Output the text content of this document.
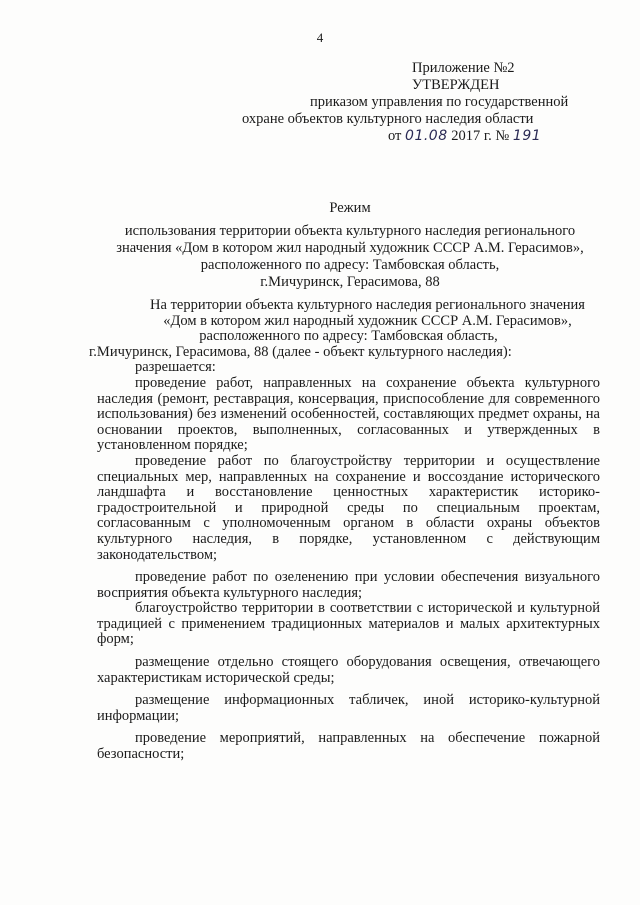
4
Приложение №2
УТВЕРЖДЕН
приказом управления по государственной
охране объектов культурного наследия области
от 01.08 2017 г. № 191
Режим
использования территории объекта культурного наследия регионального
значения «Дом в котором жил народный художник СССР А.М. Герасимов»,
расположенного по адресу: Тамбовская область,
г.Мичуринск, Герасимова, 88
На территории объекта культурного наследия регионального значения
«Дом в котором жил народный художник СССР А.М. Герасимов»,
расположенного по адресу: Тамбовская область,
г.Мичуринск, Герасимова, 88 (далее - объект культурного наследия):
разрешается:

проведение работ, направленных на сохранение объекта культурного наследия (ремонт, реставрация, консервация, приспособление для современного использования) без изменений особенностей, составляющих предмет охраны, на основании проектов, выполненных, согласованных и утвержденных в установленном порядке;

проведение работ по благоустройству территории и осуществление специальных мер, направленных на сохранение и воссоздание исторического ландшафта и восстановление ценностных характеристик историко-градостроительной и природной среды по специальным проектам, согласованным с уполномоченным органом в области охраны объектов культурного наследия, в порядке, установленном с действующим законодательством;

проведение работ по озеленению при условии обеспечения визуального восприятия объекта культурного наследия;

благоустройство территории в соответствии с исторической и культурной традицией с применением традиционных материалов и малых архитектурных форм;

размещение отдельно стоящего оборудования освещения, отвечающего характеристикам исторической среды;

размещение информационных табличек, иной историко-культурной информации;

проведение мероприятий, направленных на обеспечение пожарной безопасности;
